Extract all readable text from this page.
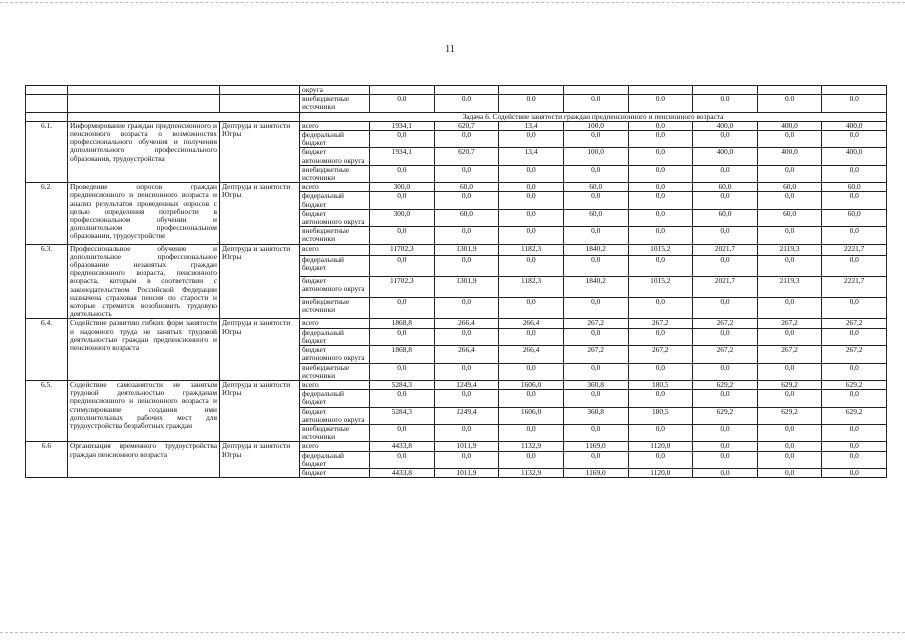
11
			округа								
			внебюджетные источники	0.0	0.0	0.0	0.0	0.0	0.0	0.0	0.0
			Задача 6. Содействие занятости граждан предпенсионного и пенсионного возраста								
6.1.	Информирование граждан предпенсионного и пенсионного возраста о возможностях профессионального обучения и получения дополнительного профессионального образования, трудоустройства	Дептруда и занятости Югры	всего	1934,1	620,7	13,4	100,0	0,0	400,0	400,0	400,0
			федеральный бюджет	0,0	0,0	0,0	0,0	0,0	0,0	0,0	0,0
			бюджет автономного округа	1934,1	620,7	13,4	100,0	0,0	400,0	400,0	400,0
			внебюджетные источники	0,0	0,0	0,0	0,0	0,0	0,0	0,0	0,0
6.2.	Проведение опросов граждан предпенсионного и пенсионного возраста и анализ результатов проведенных опросов с целью определения потребности в профессиональном обучении и дополнительном профессиональном образовании, трудоустройстве	Дептруда и занятости Югры	всего	300,0	60,0	0,0	60,0	0,0	60,0	60,0	60,0
			федеральный бюджет	0,0	0,0	0,0	0,0	0,0	0,0	0,0	0,0
			бюджет автономного округа	300,0	60,0	0,0	60,0	0,0	60,0	60,0	60,0
			внебюджетные источники	0,0	0,0	0,0	0,0	0,0	0,0	0,0	0,0
6.3.	Профессиональное обучение и дополнительное профессиональное образование незанятых граждан предпенсионного возраста, пенсионного возраста, которым в соответствии с законодательством Российской Федерации назначена страховая пенсия по старости и которые стремятся возобновить трудовую деятельность	Дептруда и занятости Югры	всего	11702,3	1301,9	1182,3	1840,2	1015,2	2021,7	2119,3	2221,7
			федеральный бюджет	0,0	0,0	0,0	0,0	0,0	0,0	0,0	0,0
			бюджет автономного округа	11702,3	1301,9	1182,3	1840,2	1015,2	2021,7	2119,3	2221,7
			внебюджетные источники	0,0	0,0	0,0	0,0	0,0	0,0	0,0	0,0
6.4.	Содействие развитию гибких форм занятости и надомного труда не занятых трудовой деятельностью граждан предпенсионного и пенсионного возраста	Дептруда и занятости Югры	всего	1868,8	266,4	266,4	267,2	267,2	267,2	267,2	267,2
			федеральный бюджет	0,0	0,0	0,0	0,0	0,0	0,0	0,0	0,0
			бюджет автономного округа	1868,8	266,4	266,4	267,2	267,2	267,2	267,2	267,2
			внебюджетные источники	0,0	0,0	0,0	0,0	0,0	0,0	0,0	0,0
6.5.	Содействие самозанятости не занятым трудовой деятельностью гражданам предпенсионного и пенсионного возраста и стимулирование создания ими дополнительных рабочих мест для трудоустройства безработных граждан	Дептруда и занятости Югры	всего	5284,3	1249,4	1606,0	360,8	180,5	629,2	629,2	629,2
			федеральный бюджет	0,0	0,0	0,0	0,0	0,0	0,0	0,0	0,0
			бюджет автономного округа	5284,3	1249,4	1606,0	360,8	180,5	629,2	629,2	629,2
			внебюджетные источники	0,0	0,0	0,0	0,0	0,0	0,0	0,0	0,0
6.6	Организация временного трудоустройства граждан пенсионного возраста	Дептруда и занятости Югры	всего	4433,8	1011,9	1132,9	1169,0	1120,0	0,0	0,0	0,0
			федеральный бюджет	0,0	0,0	0,0	0,0	0,0	0,0	0,0	0,0
			бюджет	4433,8	1011,9	1132,9	1169,0	1120,0	0,0	0,0	0,0
